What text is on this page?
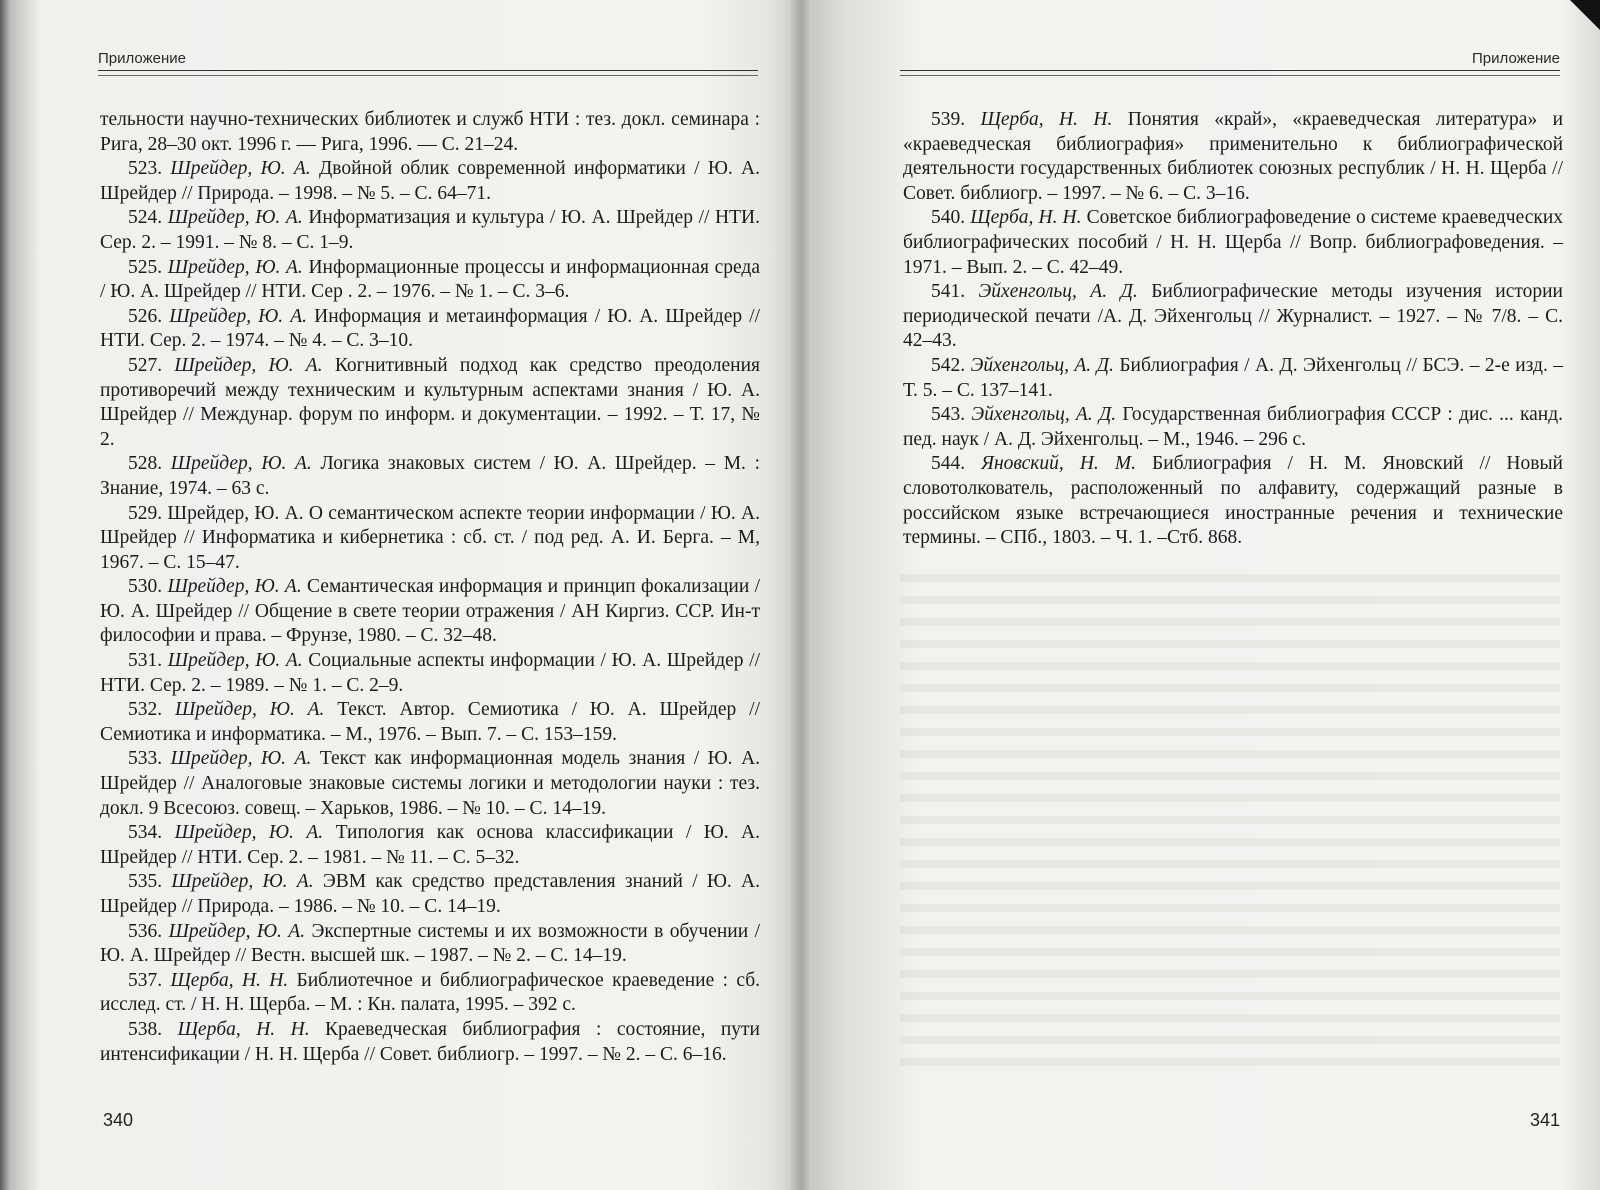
Приложение

тельности научно-технических библиотек и служб НТИ : тез. докл. семинара : Рига, 28–30 окт. 1996 г. — Рига, 1996. — С. 21–24.

523. Шрейдер, Ю. А. Двойной облик современной информатики / Ю. А. Шрейдер // Природа. – 1998. – № 5. – С. 64–71.

524. Шрейдер, Ю. А. Информатизация и культура / Ю. А. Шрейдер // НТИ. Сер. 2. – 1991. – № 8. – С. 1–9.

525. Шрейдер, Ю. А. Информационные процессы и информационная среда / Ю. А. Шрейдер // НТИ. Сер . 2. – 1976. – № 1. – С. 3–6.

526. Шрейдер, Ю. А. Информация и метаинформация / Ю. А. Шрейдер // НТИ. Сер. 2. – 1974. – № 4. – С. 3–10.

527. Шрейдер, Ю. А. Когнитивный подход как средство преодоления противоречий между техническим и культурным аспектами знания / Ю. А. Шрейдер // Междунар. форум по информ. и документации. – 1992. – Т. 17, № 2.

528. Шрейдер, Ю. А. Логика знаковых систем / Ю. А. Шрейдер. – М. : Знание, 1974. – 63 с.

529. Шрейдер, Ю. А. О семантическом аспекте теории информации / Ю. А. Шрейдер // Информатика и кибернетика : сб. ст. / под ред. А. И. Берга. – М, 1967. – С. 15–47.

530. Шрейдер, Ю. А. Семантическая информация и принцип фокализации / Ю. А. Шрейдер // Общение в свете теории отражения / АН Киргиз. ССР. Ин-т философии и права. – Фрунзе, 1980. – С. 32–48.

531. Шрейдер, Ю. А. Социальные аспекты информации / Ю. А. Шрейдер // НТИ. Сер. 2. – 1989. – № 1. – С. 2–9.

532. Шрейдер, Ю. А. Текст. Автор. Семиотика / Ю. А. Шрейдер // Семиотика и информатика. – М., 1976. – Вып. 7. – С. 153–159.

533. Шрейдер, Ю. А. Текст как информационная модель знания / Ю. А. Шрейдер // Аналоговые знаковые системы логики и методологии науки : тез. докл. 9 Всесоюз. совещ. – Харьков, 1986. – № 10. – С. 14–19.

534. Шрейдер, Ю. А. Типология как основа классификации / Ю. А. Шрейдер // НТИ. Сер. 2. – 1981. – № 11. – С. 5–32.

535. Шрейдер, Ю. А. ЭВМ как средство представления знаний / Ю. А. Шрейдер // Природа. – 1986. – № 10. – С. 14–19.

536. Шрейдер, Ю. А. Экспертные системы и их возможности в обучении / Ю. А. Шрейдер // Вестн. высшей шк. – 1987. – № 2. – С. 14–19.

537. Щерба, Н. Н. Библиотечное и библиографическое краеведение : сб. исслед. ст. / Н. Н. Щерба. – М. : Кн. палата, 1995. – 392 с.

538. Щерба, Н. Н. Краеведческая библиография : состояние, пути интенсификации / Н. Н. Щерба // Совет. библиогр. – 1997. – № 2. – С. 6–16.

340
Приложение

539. Щерба, Н. Н. Понятия «край», «краеведческая литература» и «краеведческая библиография» применительно к библиографической деятельности государственных библиотек союзных республик / Н. Н. Щерба // Совет. библиогр. – 1997. – № 6. – С. 3–16.

540. Щерба, Н. Н. Советское библиографоведение о системе краеведческих библиографических пособий / Н. Н. Щерба // Вопр. библиографоведения. – 1971. – Вып. 2. – С. 42–49.

541. Эйхенгольц, А. Д. Библиографические методы изучения истории периодической печати /А. Д. Эйхенгольц // Журналист. – 1927. – № 7/8. – С. 42–43.

542. Эйхенгольц, А. Д. Библиография / А. Д. Эйхенгольц // БСЭ. – 2-е изд. – Т. 5. – С. 137–141.

543. Эйхенгольц, А. Д. Государственная библиография СССР : дис. ... канд. пед. наук / А. Д. Эйхенгольц. – М., 1946. – 296 с.

544. Яновский, Н. М. Библиография / Н. М. Яновский // Новый словотолкователь, расположенный по алфавиту, содержащий разные в российском языке встречающиеся иностранные речения и технические термины. – СПб., 1803. – Ч. 1. –Стб. 868.

341
